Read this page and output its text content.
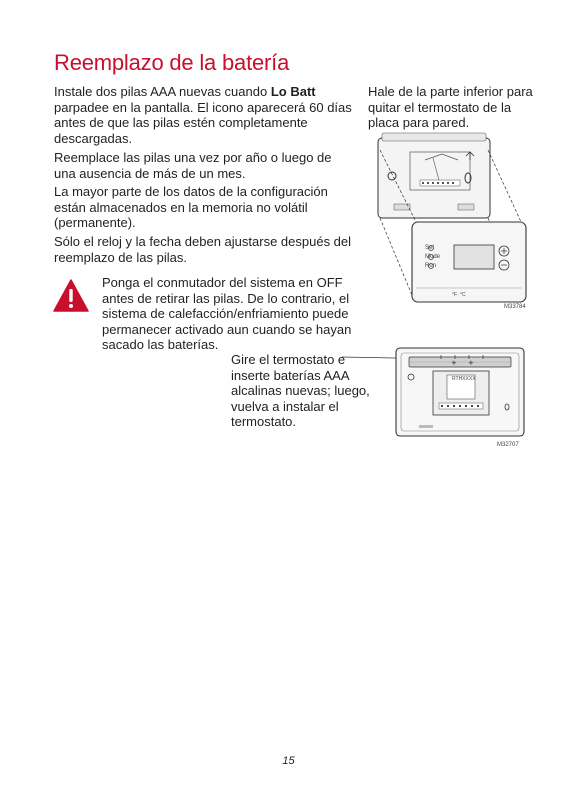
Reemplazo de la batería

Instale dos pilas AAA nuevas cuando Lo Batt parpadee en la pantalla. El icono aparecerá 60 días antes de que las pilas estén completamente descargadas.

Reemplace las pilas una vez por año o luego de una ausencia de más de un mes.

La mayor parte de los datos de la configuración están almacenados en la memoria no volátil (permanente).

Sólo el reloj y la fecha deben ajustarse después del reemplazo de las pilas.

Ponga el conmutador del sistema en OFF antes de retirar las pilas. De lo contrario, el sistema de calefacción/enfriamiento puede permanecer activado aun cuando se hayan sacado las baterías.

Hale de la parte inferior para quitar el termostato de la placa para pared.

Set
Mode
Run
°F °C
M33784

Gire el termostato e inserte baterías AAA alcalinas nuevas; luego, vuelva a instalar el termostato.

+ +
RTHXXXX
M32707
15
